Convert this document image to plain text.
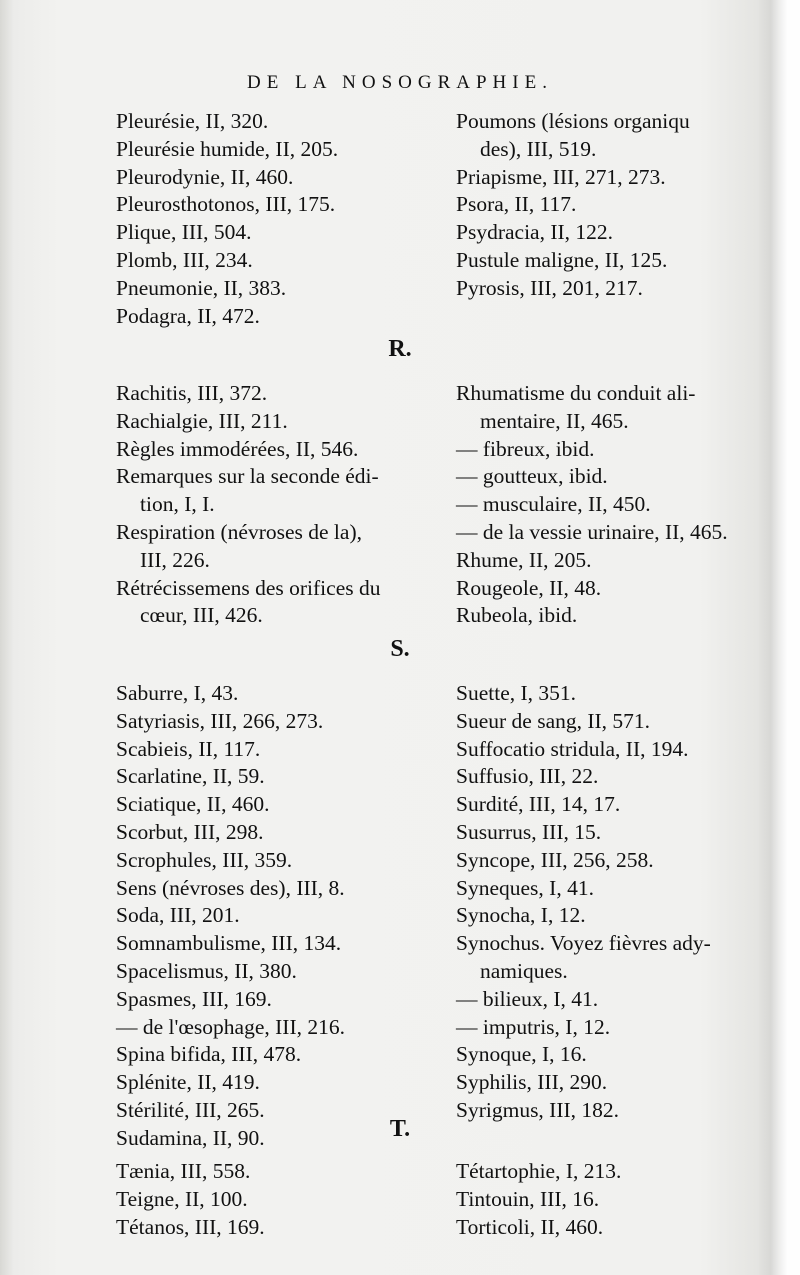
DE LA NOSOGRAPHIE.
Pleurésie, II, 320.
Pleurésie humide, II, 205.
Pleurodynie, II, 460.
Pleurosthotonos, III, 175.
Plique, III, 504.
Plomb, III, 234.
Pneumonie, II, 383.
Podagra, II, 472.
Poumons (lésions organiqu
des), III, 519.
Priapisme, III, 271, 273.
Psora, II, 117.
Psydracia, II, 122.
Pustule maligne, II, 125.
Pyrosis, III, 201, 217.
R.
Rachitis, III, 372.
Rachialgie, III, 211.
Règles immodérées, II, 546.
Remarques sur la seconde édi-
tion, I, I.
Respiration (névroses de la),
III, 226.
Rétrécissemens des orifices du
cœur, III, 426.
Rhumatisme du conduit ali-
mentaire, II, 465.
— fibreux, ibid.
— goutteux, ibid.
— musculaire, II, 450.
— de la vessie urinaire, II, 465.
Rhume, II, 205.
Rougeole, II, 48.
Rubeola, ibid.
S.
Saburre, I, 43.
Satyriasis, III, 266, 273.
Scabieis, II, 117.
Scarlatine, II, 59.
Sciatique, II, 460.
Scorbut, III, 298.
Scrophules, III, 359.
Sens (névroses des), III, 8.
Soda, III, 201.
Somnambulisme, III, 134.
Spacelismus, II, 380.
Spasmes, III, 169.
— de l'œsophage, III, 216.
Spina bifida, III, 478.
Splénite, II, 419.
Stérilité, III, 265.
Sudamina, II, 90.
Suette, I, 351.
Sueur de sang, II, 571.
Suffocatio stridula, II, 194.
Suffusio, III, 22.
Surdité, III, 14, 17.
Susurrus, III, 15.
Syncope, III, 256, 258.
Syneques, I, 41.
Synocha, I, 12.
Synochus. Voyez fièvres ady-
namiques.
— bilieux, I, 41.
— imputris, I, 12.
Synoque, I, 16.
Syphilis, III, 290.
Syrigmus, III, 182.
T.
Tænia, III, 558.
Teigne, II, 100.
Tétanos, III, 169.
Tétartophie, I, 213.
Tintouin, III, 16.
Torticoli, II, 460.
